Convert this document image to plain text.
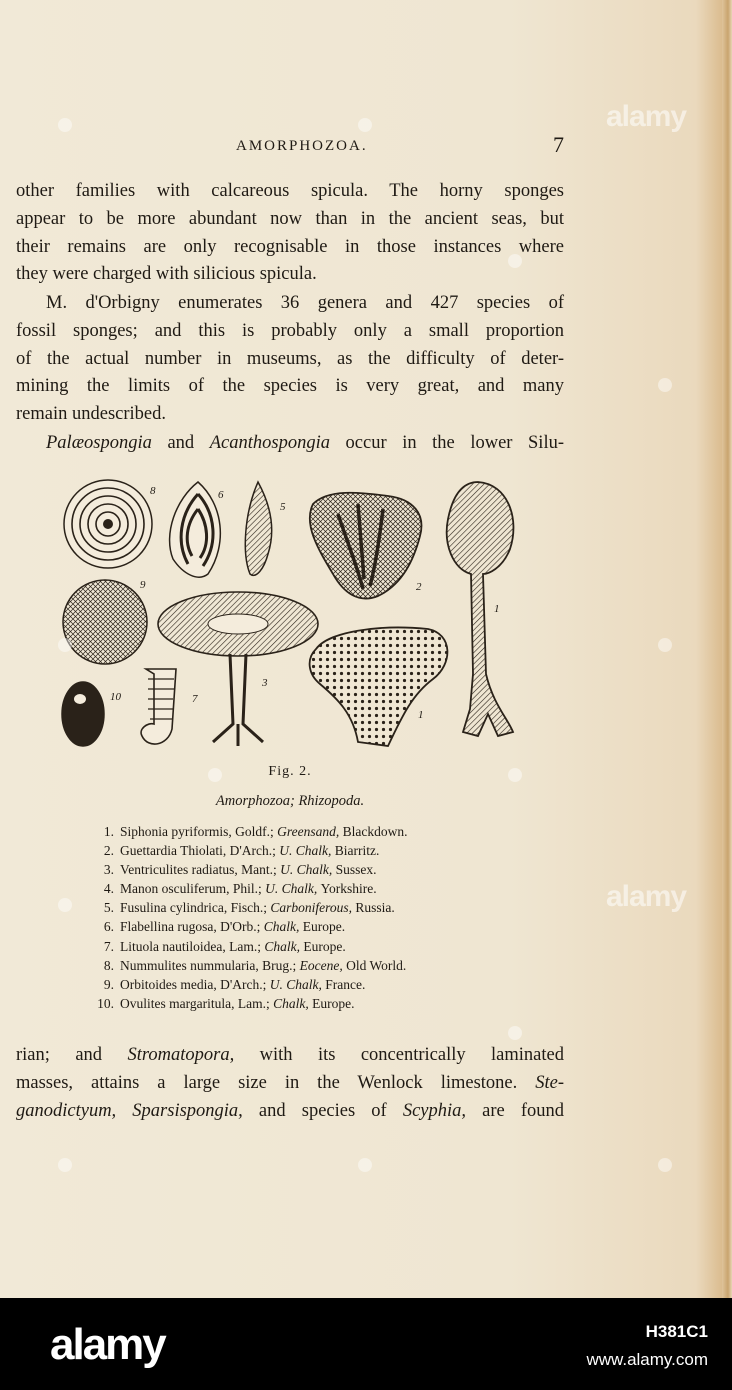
AMORPHOZOA.	7
other families with calcareous spicula. The horny sponges
appear to be more abundant now than in the ancient seas, but
their remains are only recognisable in those instances where
they were charged with silicious spicula.
M. d'Orbigny enumerates 36 genera and 427 species of
fossil sponges; and this is probably only a small proportion
of the actual number in museums, as the difficulty of deter-
mining the limits of the species is very great, and many
remain undescribed.
Palæospongia and Acanthospongia occur in the lower Silu-
8	6
5
2
1
9
3
1
10	7
Fig. 2.
Amorphozoa; Rhizopoda.
1. Siphonia pyriformis, Goldf.; Greensand, Blackdown.
2. Guettardia Thiolati, D'Arch.; U. Chalk, Biarritz.
3. Ventriculites radiatus, Mant.; U. Chalk, Sussex.
4. Manon osculiferum, Phil.; U. Chalk, Yorkshire.
5. Fusulina cylindrica, Fisch.; Carboniferous, Russia.
6. Flabellina rugosa, D'Orb.; Chalk, Europe.
7. Lituola nautiloidea, Lam.; Chalk, Europe.
8. Nummulites nummularia, Brug.; Eocene, Old World.
9. Orbitoides media, D'Arch.; U. Chalk, France.
10. Ovulites margaritula, Lam.; Chalk, Europe.
rian; and Stromatopora, with its concentrically laminated
masses, attains a large size in the Wenlock limestone. Ste-
ganodictyum, Sparsispongia, and species of Scyphia, are found
alamy
alamy
alamy	H381C1
www.alamy.com
